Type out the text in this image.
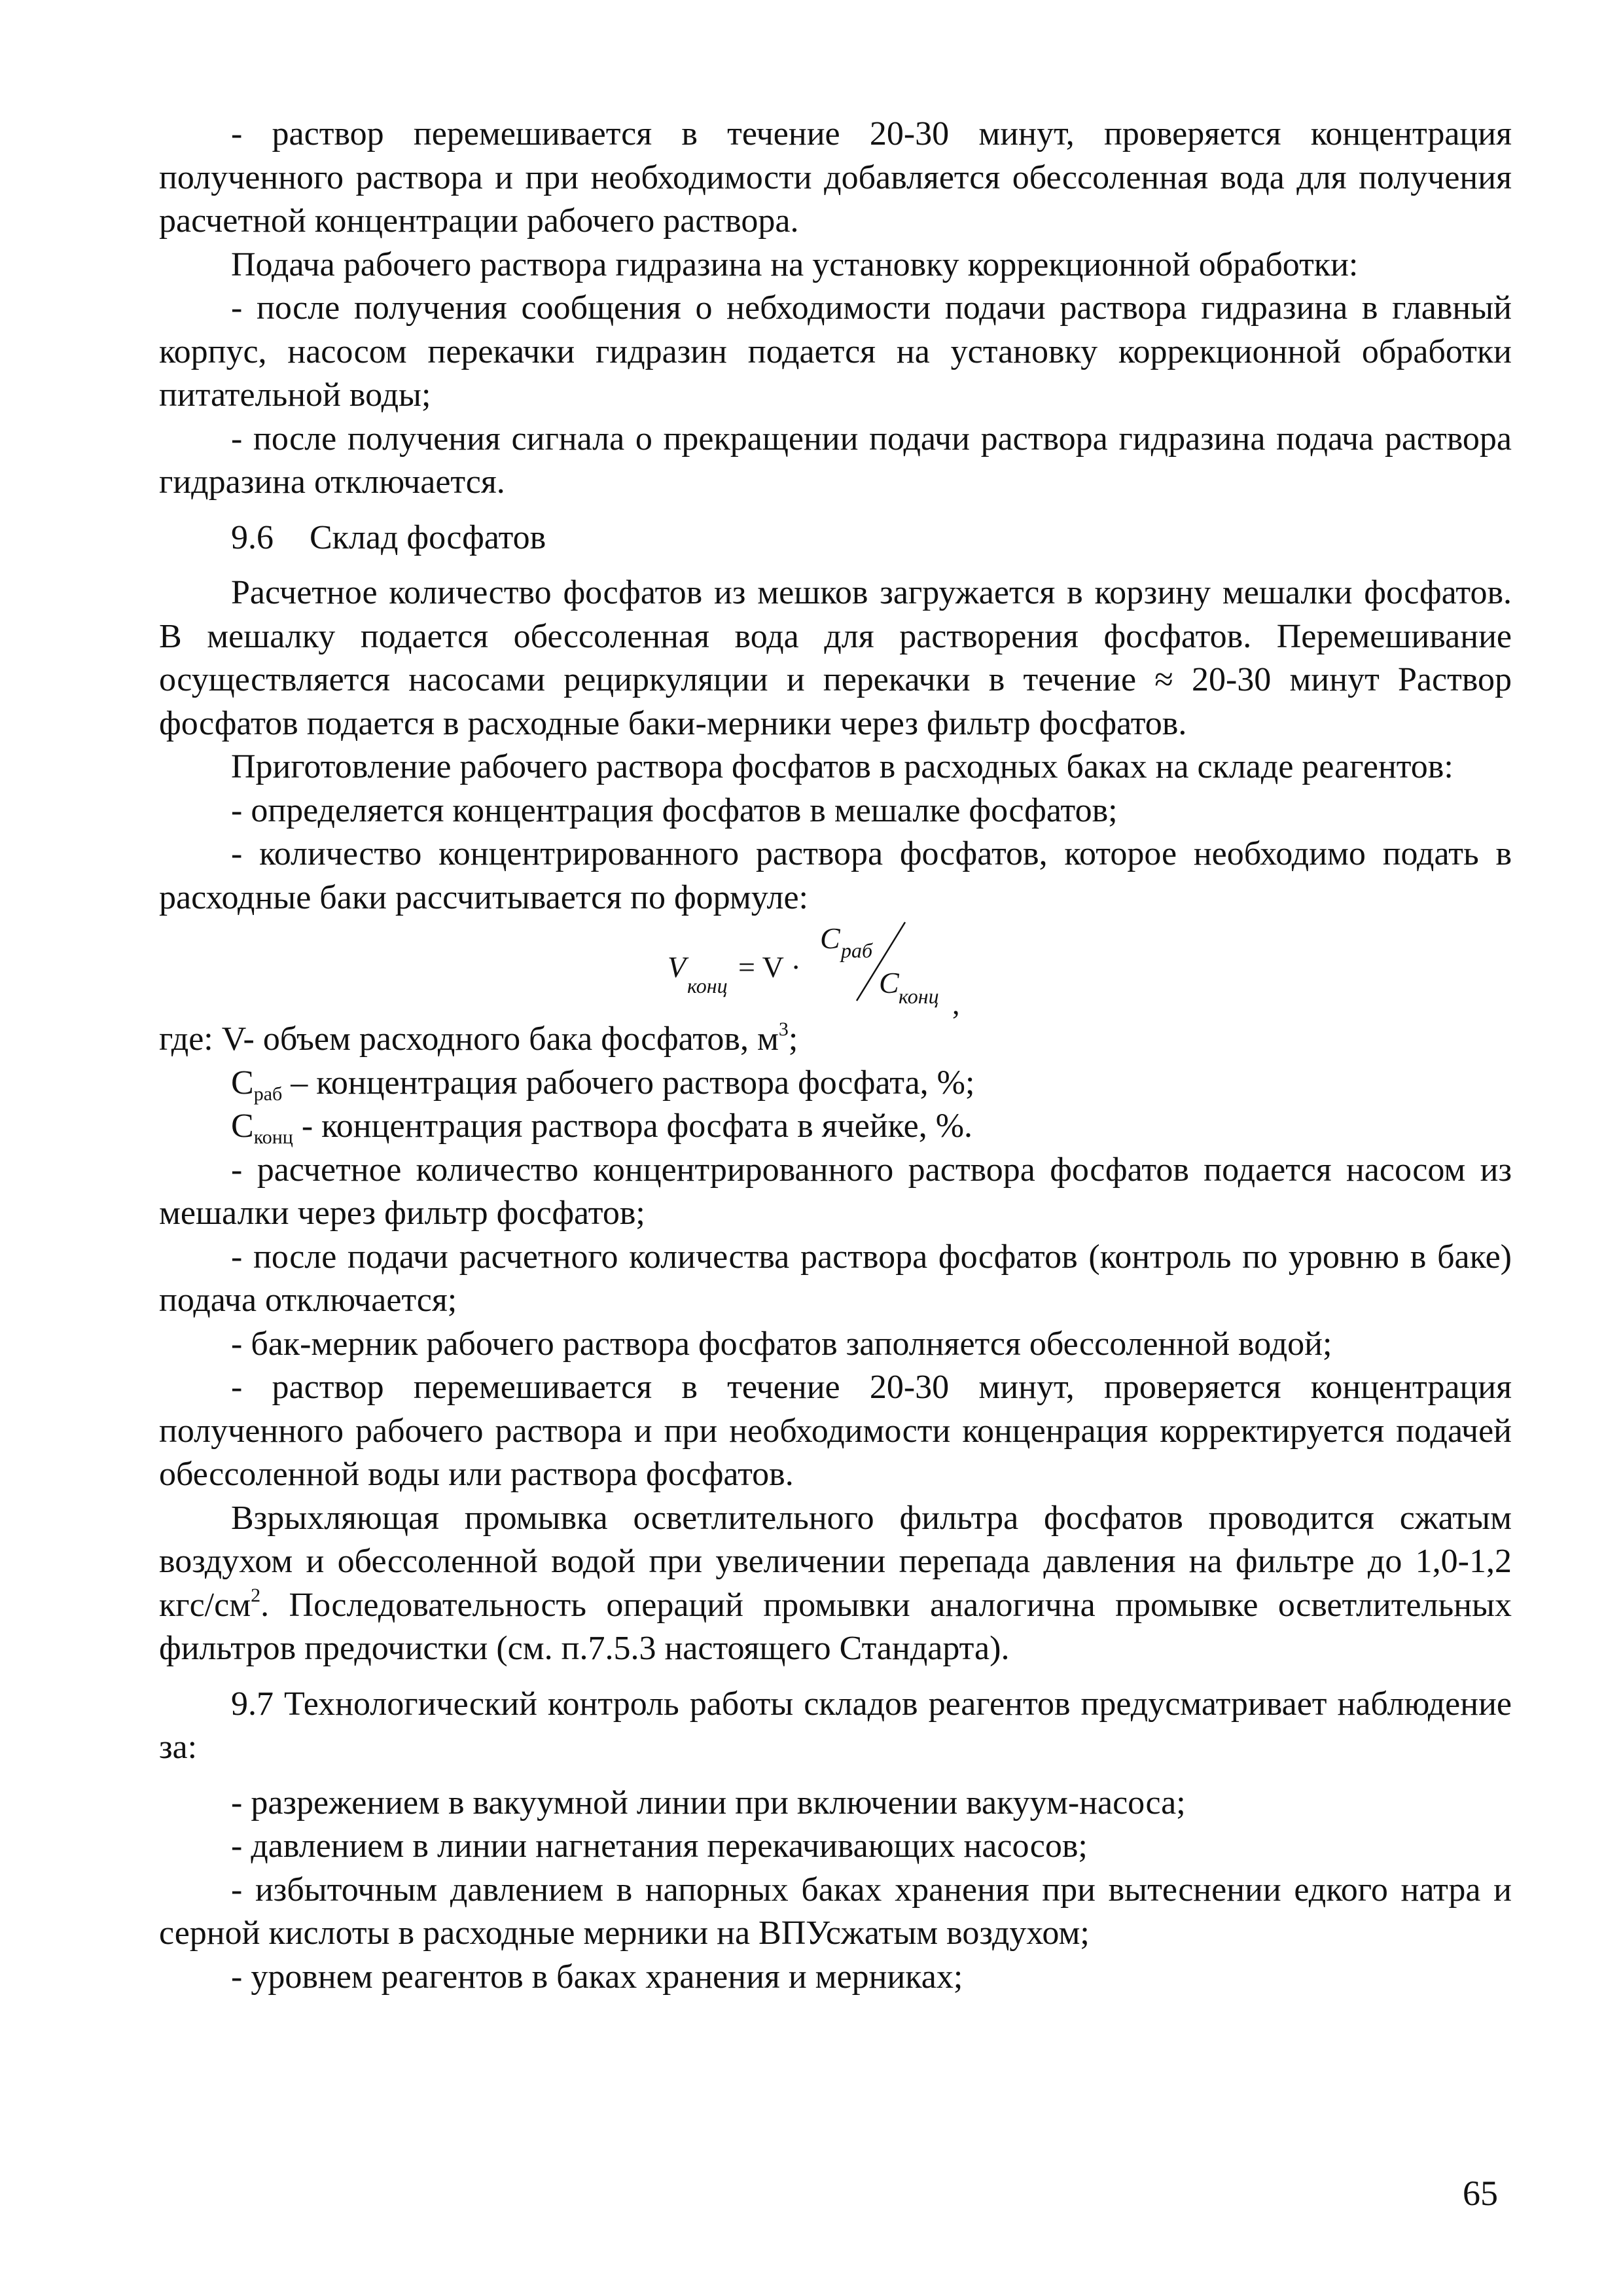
- раствор перемешивается в течение 20-30 минут, проверяется концентрация полученного раствора и при необходимости добавляется обессоленная вода для получения расчетной концентрации рабочего раствора.

Подача рабочего раствора гидразина на установку коррекционной обработки:

- после получения сообщения о небходимости подачи раствора гидразина в главный корпус, насосом перекачки гидразин подается на установку коррекционной обработки питательной воды;

- после получения сигнала о прекращении подачи раствора гидразина подача раствора гидразина отключается.

9.6 Склад фосфатов

Расчетное количество фосфатов из мешков загружается в корзину мешалки фосфатов. В мешалку подается обессоленная вода для растворения фосфатов. Перемешивание осуществляется насосами рециркуляции и перекачки в течение ≈ 20-30 минут Раствор фосфатов подается в расходные баки-мерники через фильтр фосфатов.

Приготовление рабочего раствора фосфатов в расходных баках на складе реагентов:

- определяется концентрация фосфатов в мешалке фосфатов;

- количество концентрированного раствора фосфатов, которое необходимо подать в расходные баки рассчитывается по формуле:

V
конц
= V ·
C раб
C конц ,

где: V- объем расходного бака фосфатов, $м^3$;

$С_{раб}$ – концентрация рабочего раствора фосфата, %;

$С_{конц}$ - концентрация раствора фосфата в ячейке, %.

- расчетное количество концентрированного раствора фосфатов подается насосом из мешалки через фильтр фосфатов;

- после подачи расчетного количества раствора фосфатов (контроль по уровню в баке) подача отключается;

- бак-мерник рабочего раствора фосфатов заполняется обессоленной водой;

- раствор перемешивается в течение 20-30 минут, проверяется концентрация полученного рабочего раствора и при необходимости конценрация корректируется подачей обессоленной воды или раствора фосфатов.

Взрыхляющая промывка осветлительного фильтра фосфатов проводится сжатым воздухом и обессоленной водой при увеличении перепада давления на фильтре до 1,0-1,2 кгс/$см^2$. Последовательность операций промывки аналогична промывке осветлительных фильтров предочистки (см. п.7.5.3 настоящего Стандарта).

9.7 Технологический контроль работы складов реагентов предусматривает наблюдение за:

- разрежением в вакуумной линии при включении вакуум-насоса;

- давлением в линии нагнетания перекачивающих насосов;

- избыточным давлением в напорных баках хранения при вытеснении едкого натра и серной кислоты в расходные мерники на ВПУсжатым воздухом;

- уровнем реагентов в баках хранения и мерниках;

65
